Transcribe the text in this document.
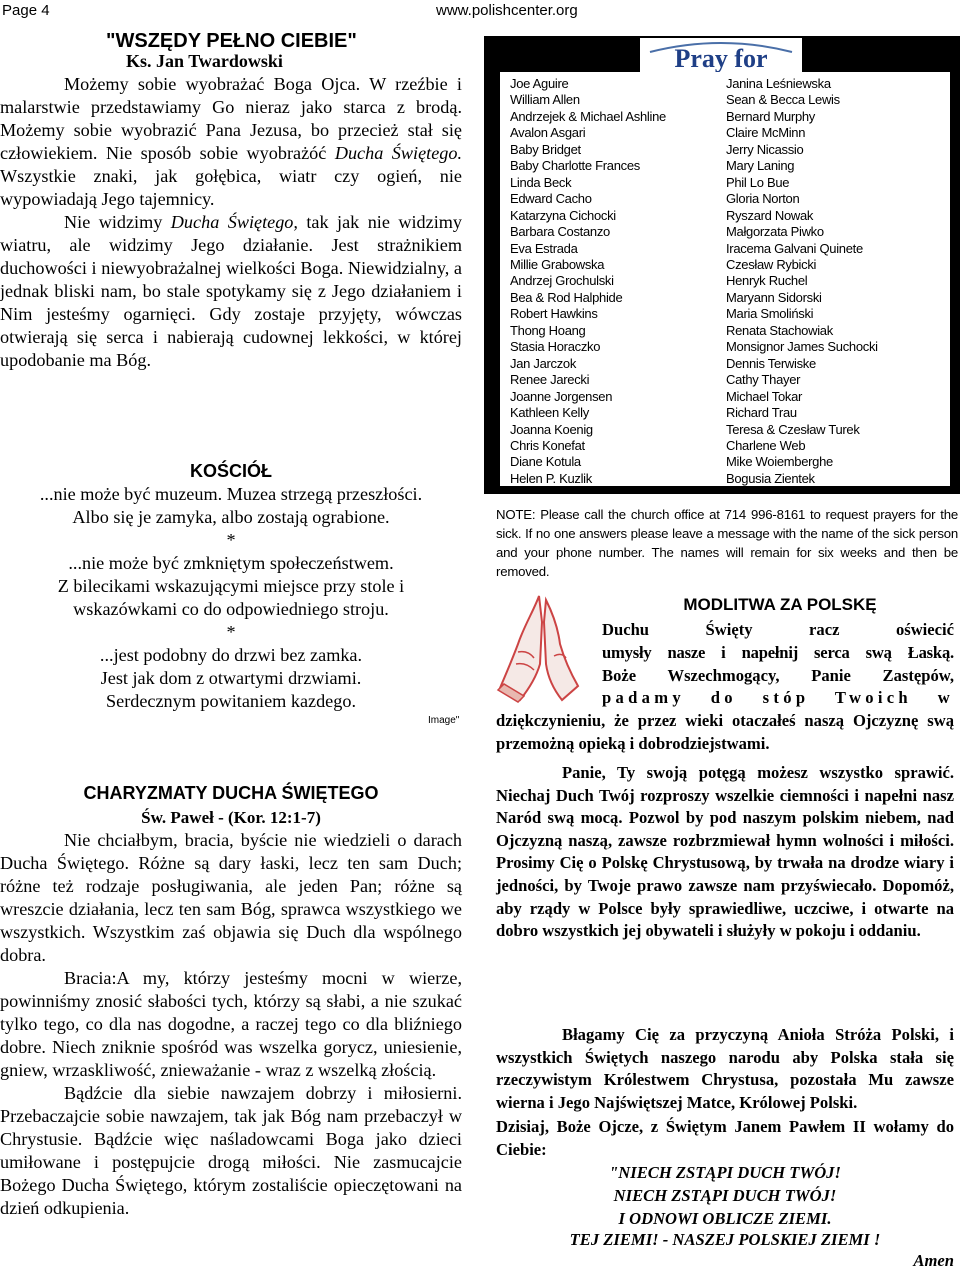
Page 4	www.polishcenter.org
"WSZĘDY PEŁNO CIEBIE"
Ks. Jan Twardowski

Możemy sobie wyobrażać Boga Ojca. W rzeźbie i malarstwie przedstawiamy Go nieraz jako starca z brodą. Możemy sobie wyobrazić Pana Jezusa, bo przecież stał się człowiekiem. Nie sposób sobie wyobrażóć Ducha Świętego. Wszystkie znaki, jak gołębica, wiatr czy ogień, nie wypowiadają Jego tajemnicy.

Nie widzimy Ducha Świętego, tak jak nie widzimy wiatru, ale widzimy Jego działanie. Jest strażnikiem duchowości i niewyobrażalnej wielkości Boga. Niewidzialny, a jednak bliski nam, bo stale spotykamy się z Jego działaniem i Nim jesteśmy ogarnięci. Gdy zostaje przyjęty, wówczas otwierają się serca i nabierają cudownej lekkości, w której upodobanie ma Bóg.

KOŚCIÓŁ
...nie może być muzeum. Muzea strzegą przeszłości.
Albo się je zamyka, albo zostają ograbione.
*
...nie może być zmkniętym społeczeństwem.
Z bilecikami wskazującymi miejsce przy stole i
wskazówkami co do odpowiedniego stroju.
*
...jest podobny do drzwi bez zamka.
Jest jak dom z otwartymi drzwiami.
Serdecznym powitaniem kazdego.
Image"
CHARYZMATY DUCHA ŚWIĘTEGO
Św. Paweł - (Kor. 12:1-7)

Nie chciałbym, bracia, byście nie wiedzieli o darach Ducha Świętego. Różne są dary łaski, lecz ten sam Duch; różne też rodzaje posługiwania, ale jeden Pan; różne są wreszcie działania, lecz ten sam Bóg, sprawca wszystkiego we wszystkich. Wszystkim zaś objawia się Duch dla wspólnego dobra.

Bracia:A my, którzy jesteśmy mocni w wierze, powinniśmy znosić słabości tych, którzy są słabi, a nie szukać tylko tego, co dla nas dogodne, a raczej tego co dla bliźniego dobre. Niech zniknie spośród was wszelka gorycz, uniesienie, gniew, wrzaskliwość, znieważanie - wraz z wszelką złością.

Bądźcie dla siebie nawzajem dobrzy i miłosierni. Przebaczajcie sobie nawzajem, tak jak Bóg nam przebaczył w Chrystusie. Bądźcie więc naśladowcami Boga jako dzieci umiłowane i postępujcie drogą miłości. Nie zasmucajcie Bożego Ducha Świętego, którym zostaliście opieczętowani na dzień odkupienia.

Pray for
Joe Aguire
William Allen
Andrzejek & Michael Ashline
Avalon Asgari
Baby Bridget
Baby Charlotte Frances
Linda Beck
Edward Cacho
Katarzyna Cichocki
Barbara Costanzo
Eva Estrada
Millie Grabowska
Andrzej Grochulski
Bea & Rod Halphide
Robert Hawkins
Thong Hoang
Stasia Horaczko
Jan Jarczok
Renee Jarecki
Joanne Jorgensen
Kathleen Kelly
Joanna Koenig
Chris Konefat
Diane Kotula
Helen P. Kuzlik
Janina Leśniewska
Sean & Becca Lewis
Bernard Murphy
Claire McMinn
Jerry Nicassio
Mary Laning
Phil Lo Bue
Gloria Norton
Ryszard Nowak
Małgorzata Piwko
Iracema Galvani Quinete
Czesław Rybicki
Henryk Ruchel
Maryann Sidorski
Maria Smoliński
Renata Stachowiak
Monsignor James Suchocki
Dennis Terwiske
Cathy Thayer
Michael Tokar
Richard Trau
Teresa & Czesław Turek
Charlene Web
Mike Woiemberghe
Bogusia Zientek
NOTE: Please call the church office at 714 996-8161 to request prayers for the sick. If no one answers please leave a message with the name of the sick person and your phone number. The names will remain for six weeks and then be removed.
MODLITWA ZA POLSKĘ
Duchu Święty racz oświecić
umysły nasze i napełnij serca swą Łaską.
Boże Wszechmogący, Panie Zastępów,
padamy do stóp Twoich w
dziękczynieniu, że przez wieki otaczałeś naszą Ojczyznę swą przemożną opieką i dobrodziejstwami.
Panie, Ty swoją potęgą możesz wszystko sprawić. Niechaj Duch Twój rozproszy wszelkie ciemności i napełni nasz Naród swą mocą. Pozwol by pod naszym polskim niebem, nad Ojczyzną naszą, zawsze rozbrzmiewał hymn wolności i miłości. Prosimy Cię o Polskę Chrystusową, by trwała na drodze wiary i jedności, by Twoje prawo zawsze nam przyświecało. Dopomóż, aby rządy w Polsce były sprawiedliwe, uczciwe, i otwarte na dobro wszystkich jej obywateli i służyły w pokoju i oddaniu.
Błagamy Cię za przyczyną Anioła Stróża Polski, i wszystkich Świętych naszego narodu aby Polska stała się rzeczywistym Królestwem Chrystusa, pozostała Mu zawsze wierna i Jego Najświętszej Matce, Królowej Polski.
Dzisiaj, Boże Ojcze, z Świętym Janem Pawłem II wołamy do Ciebie:
"NIECH ZSTĄPI DUCH TWÓJ!
NIECH ZSTĄPI DUCH TWÓJ!
I ODNOWI OBLICZE ZIEMI.
TEJ ZIEMI! - NASZEJ POLSKIEJ ZIEMI !
Amen
